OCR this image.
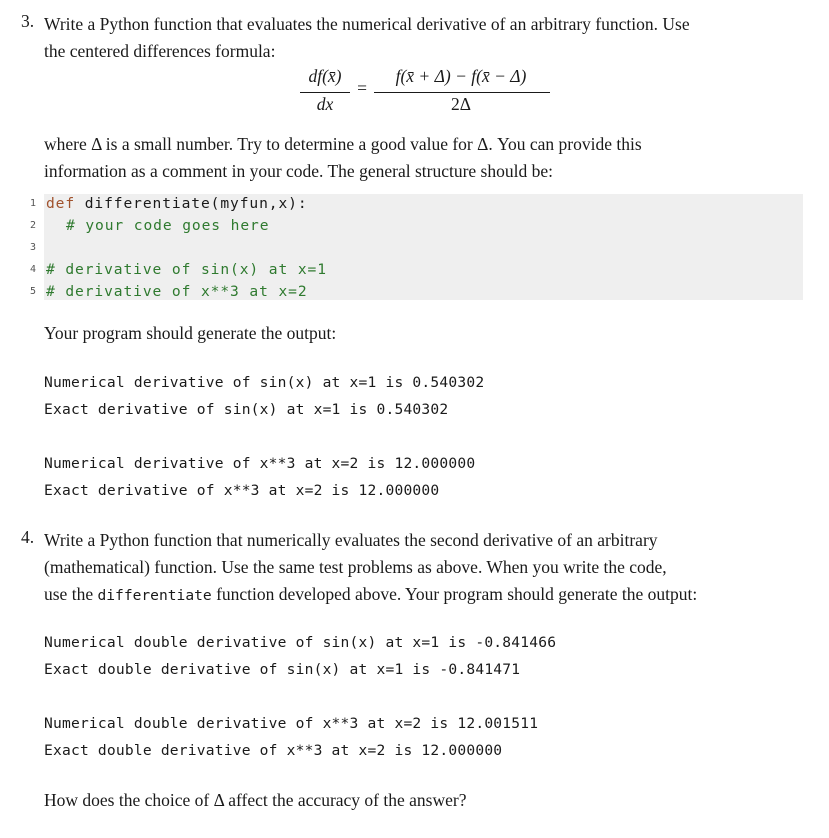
3. Write a Python function that evaluates the numerical derivative of an arbitrary function. Use
the centered differences formula:
df(x̄)
dx
=
f(x̄ + Δ) − f(x̄ − Δ)
2Δ
where Δ is a small number. Try to determine a good value for Δ. You can provide this
information as a comment in your code. The general structure should be:
1
2
3
4
5
def differentiate(myfun,x):
# your code goes here
# derivative of sin(x) at x=1
# derivative of x**3 at x=2
Your program should generate the output:
Numerical derivative of sin(x) at x=1 is 0.540302
Exact derivative of sin(x) at x=1 is 0.540302
Numerical derivative of x**3 at x=2 is 12.000000
Exact derivative of x**3 at x=2 is 12.000000
4. Write a Python function that numerically evaluates the second derivative of an arbitrary
(mathematical) function. Use the same test problems as above. When you write the code,
use the differentiate function developed above. Your program should generate the output:
Numerical double derivative of sin(x) at x=1 is -0.841466
Exact double derivative of sin(x) at x=1 is -0.841471
Numerical double derivative of x**3 at x=2 is 12.001511
Exact double derivative of x**3 at x=2 is 12.000000
How does the choice of Δ affect the accuracy of the answer?
